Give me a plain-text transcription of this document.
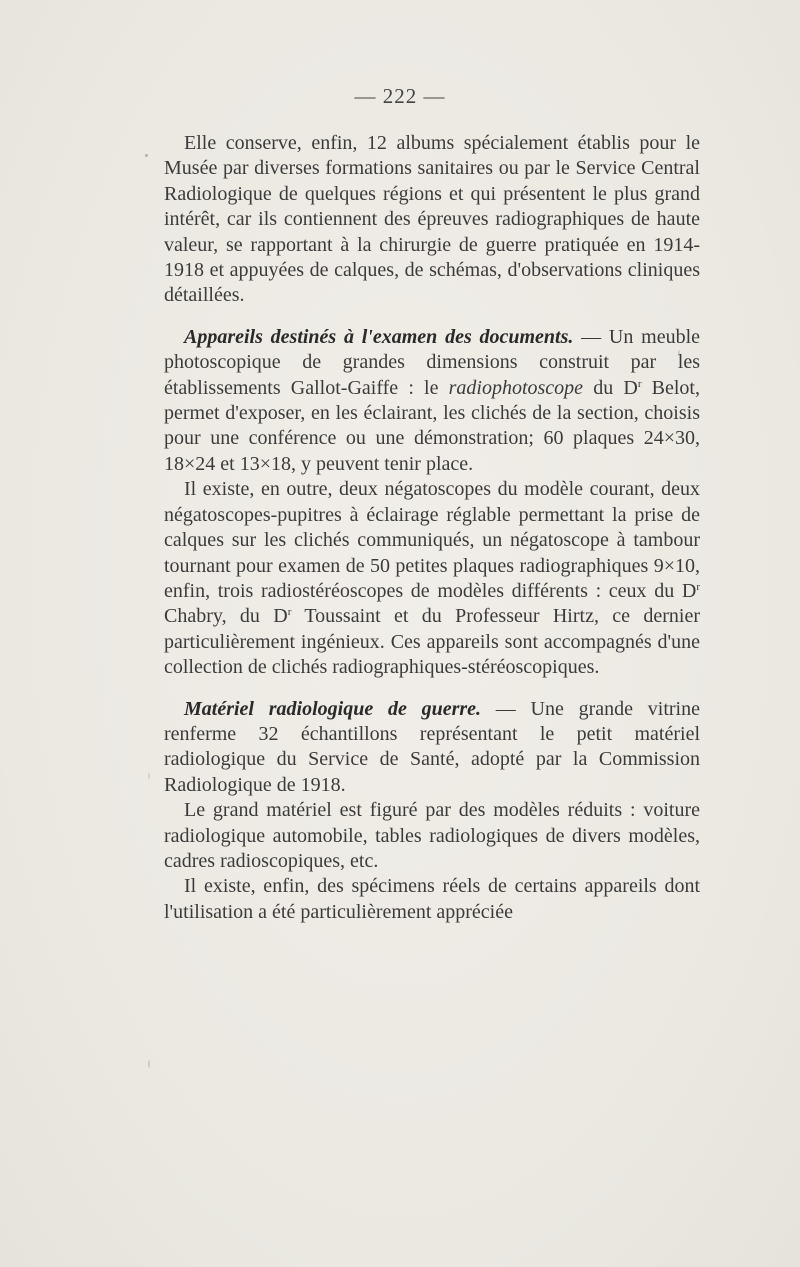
— 222 —

Elle conserve, enfin, 12 albums spécialement établis pour le Musée par diverses formations sanitaires ou par le Service Central Radiologique de quelques régions et qui présentent le plus grand intérêt, car ils contiennent des épreuves radiographiques de haute valeur, se rapportant à la chirurgie de guerre pratiquée en 1914-1918 et appuyées de calques, de schémas, d'observations cliniques détaillées.

Appareils destinés à l'examen des documents. — Un meuble photoscopique de grandes dimensions construit par les établissements Gallot-Gaiffe : le radiophotoscope du $D^r$ Belot, permet d'exposer, en les éclairant, les clichés de la section, choisis pour une conférence ou une démonstration; 60 plaques 24×30, 18×24 et 13×18, y peuvent tenir place.

Il existe, en outre, deux négatoscopes du modèle courant, deux négatoscopes-pupitres à éclairage réglable permettant la prise de calques sur les clichés communiqués, un négatoscope à tambour tournant pour examen de 50 petites plaques radiographiques 9×10, enfin, trois radiostéréoscopes de modèles différents : ceux du $D^r$ Chabry, du $D^r$ Toussaint et du Professeur Hirtz, ce dernier particulièrement ingénieux. Ces appareils sont accompagnés d'une collection de clichés radiographiques-stéréoscopiques.

Matériel radiologique de guerre. — Une grande vitrine renferme 32 échantillons représentant le petit matériel radiologique du Service de Santé, adopté par la Commission Radiologique de 1918.

Le grand matériel est figuré par des modèles réduits : voiture radiologique automobile, tables radiologiques de divers modèles, cadres radioscopiques, etc.

Il existe, enfin, des spécimens réels de certains appareils dont l'utilisation a été particulièrement appréciée
